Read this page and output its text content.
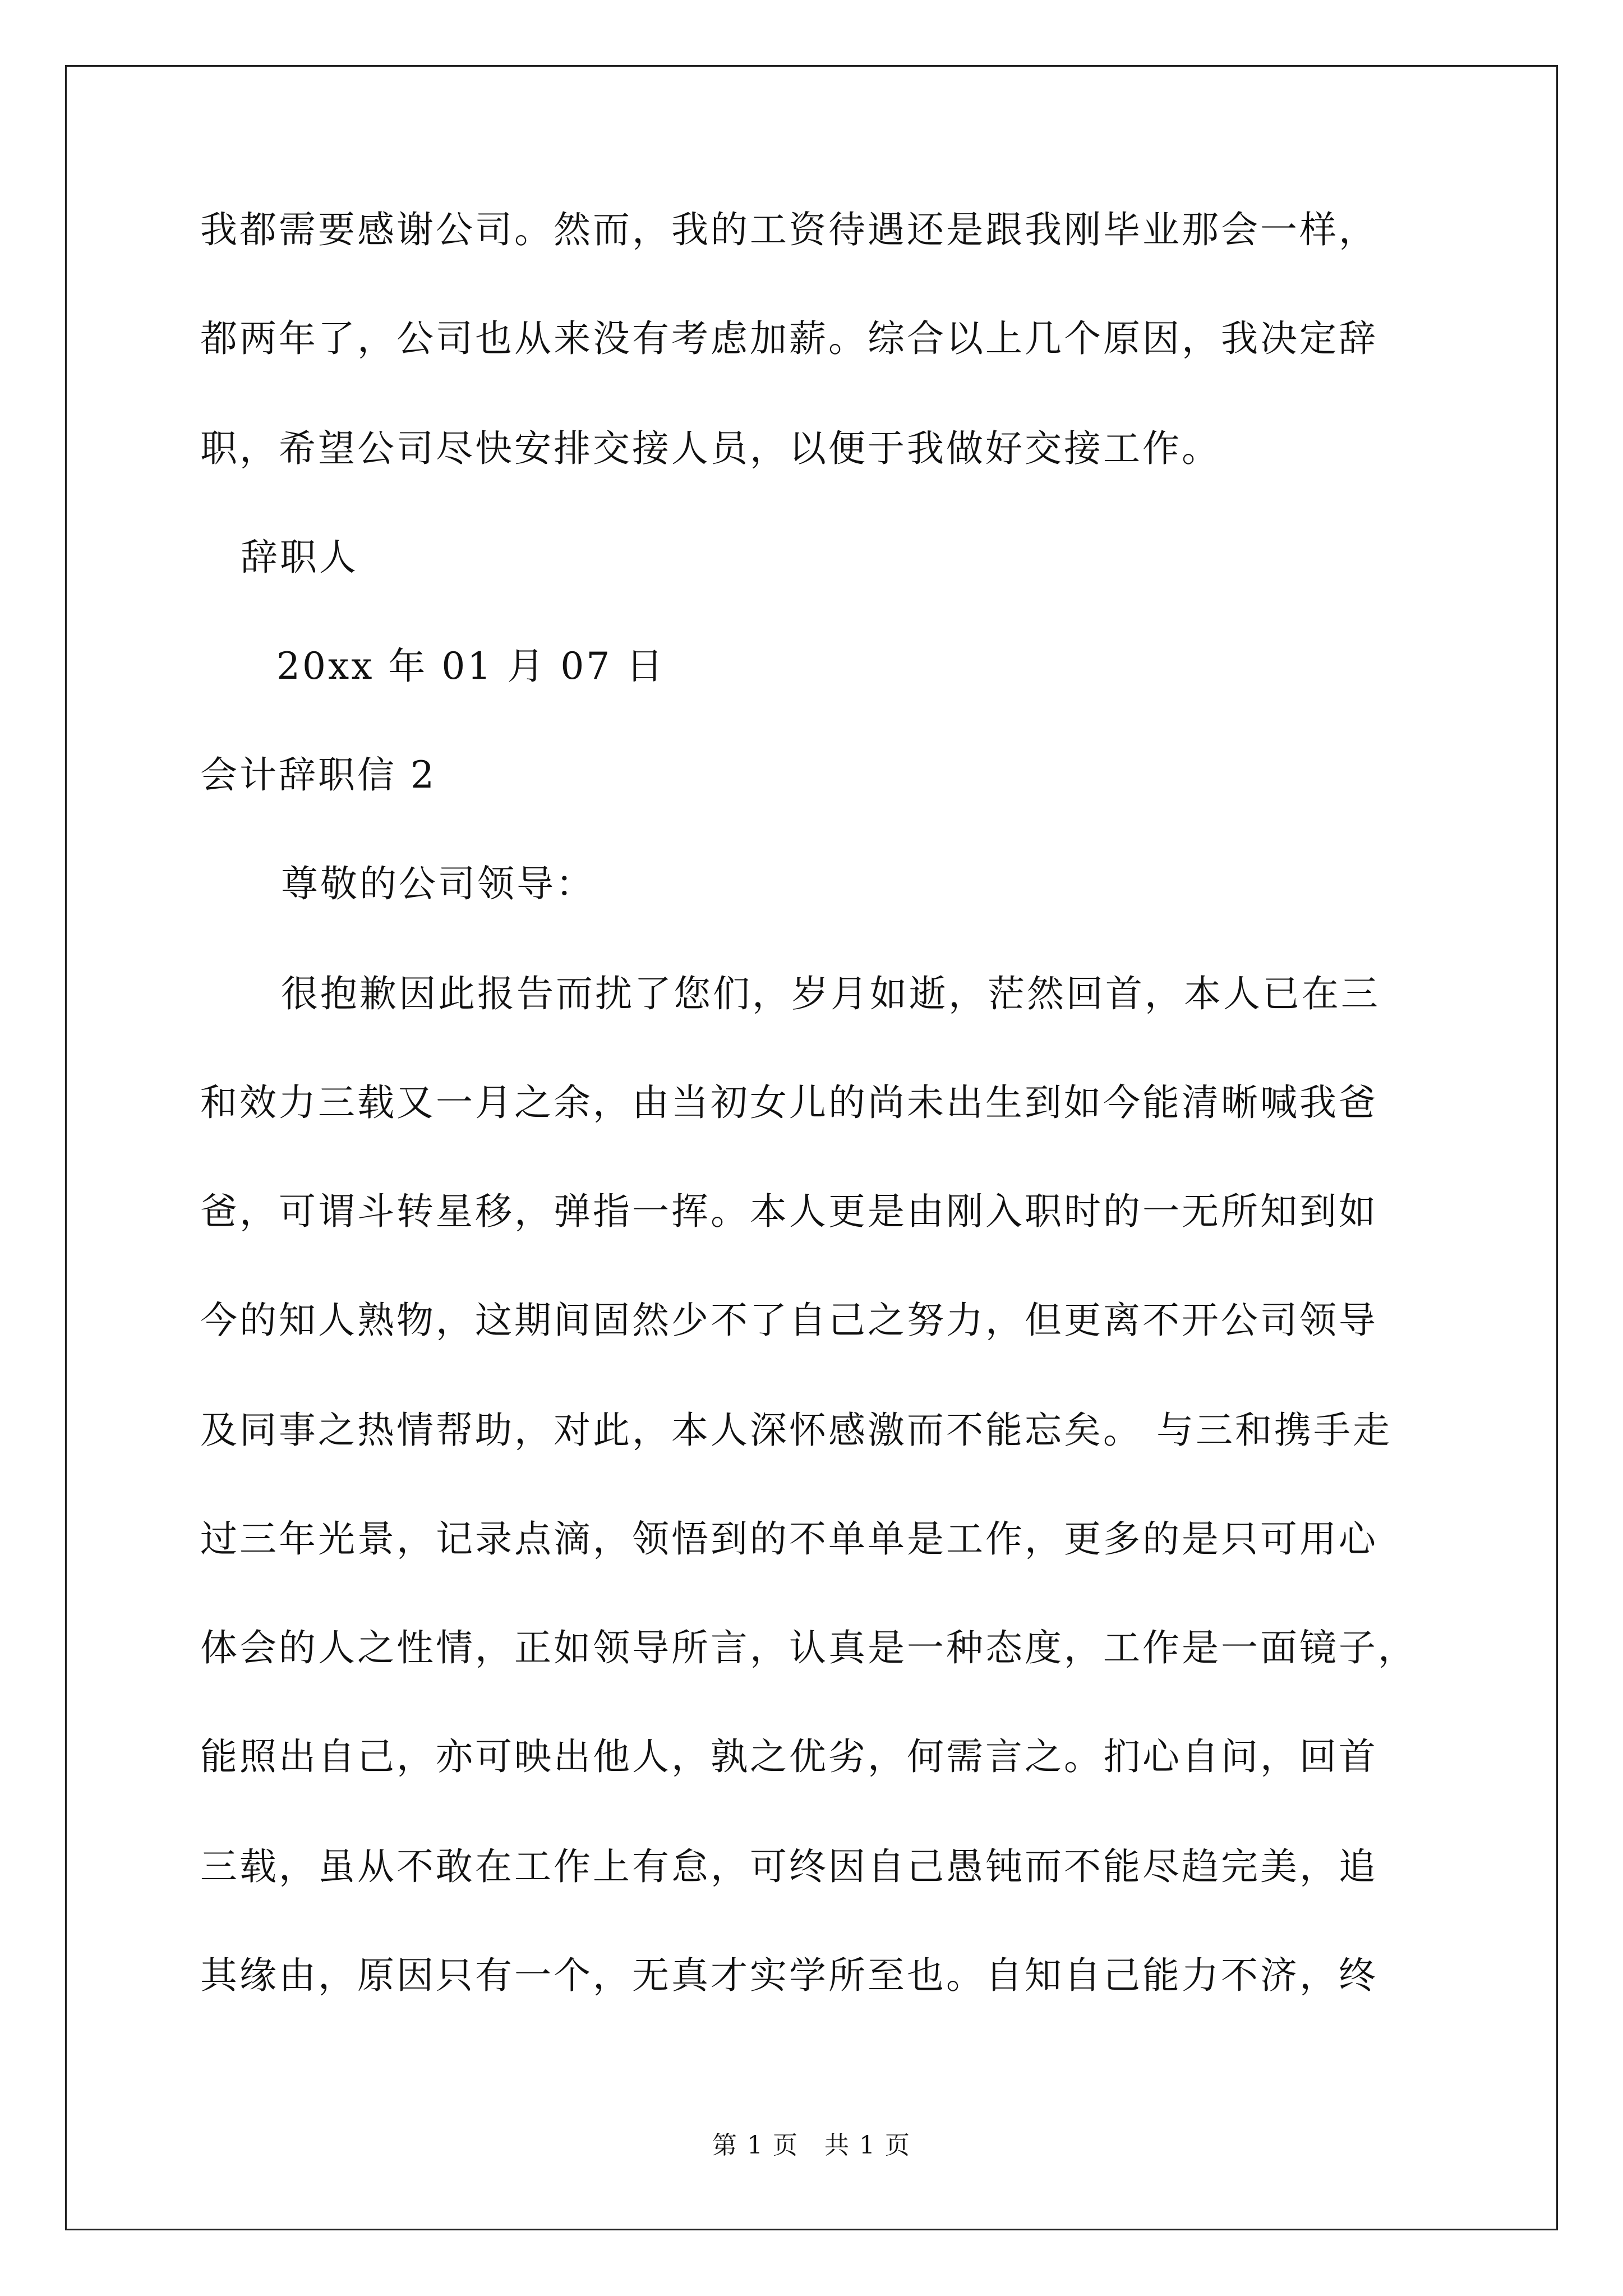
我都需要感谢公司。然而，我的工资待遇还是跟我刚毕业那会一样，
都两年了，公司也从来没有考虑加薪。综合以上几个原因，我决定辞
职，希望公司尽快安排交接人员，以便于我做好交接工作。
辞职人
20xx 年 01 月 07 日
会计辞职信 2
尊敬的公司领导：
很抱歉因此报告而扰了您们，岁月如逝，茫然回首，本人已在三
和效力三载又一月之余，由当初女儿的尚未出生到如今能清晰喊我爸
爸，可谓斗转星移，弹指一挥。本人更是由刚入职时的一无所知到如
今的知人熟物，这期间固然少不了自己之努力，但更离不开公司领导
及同事之热情帮助，对此，本人深怀感激而不能忘矣。 与三和携手走
过三年光景，记录点滴，领悟到的不单单是工作，更多的是只可用心
体会的人之性情，正如领导所言，认真是一种态度，工作是一面镜子，
能照出自己，亦可映出他人，孰之优劣，何需言之。扪心自问，回首
三载，虽从不敢在工作上有怠，可终因自己愚钝而不能尽趋完美，追
其缘由，原因只有一个，无真才实学所至也。自知自己能力不济，终
第 1 页　共 1 页
